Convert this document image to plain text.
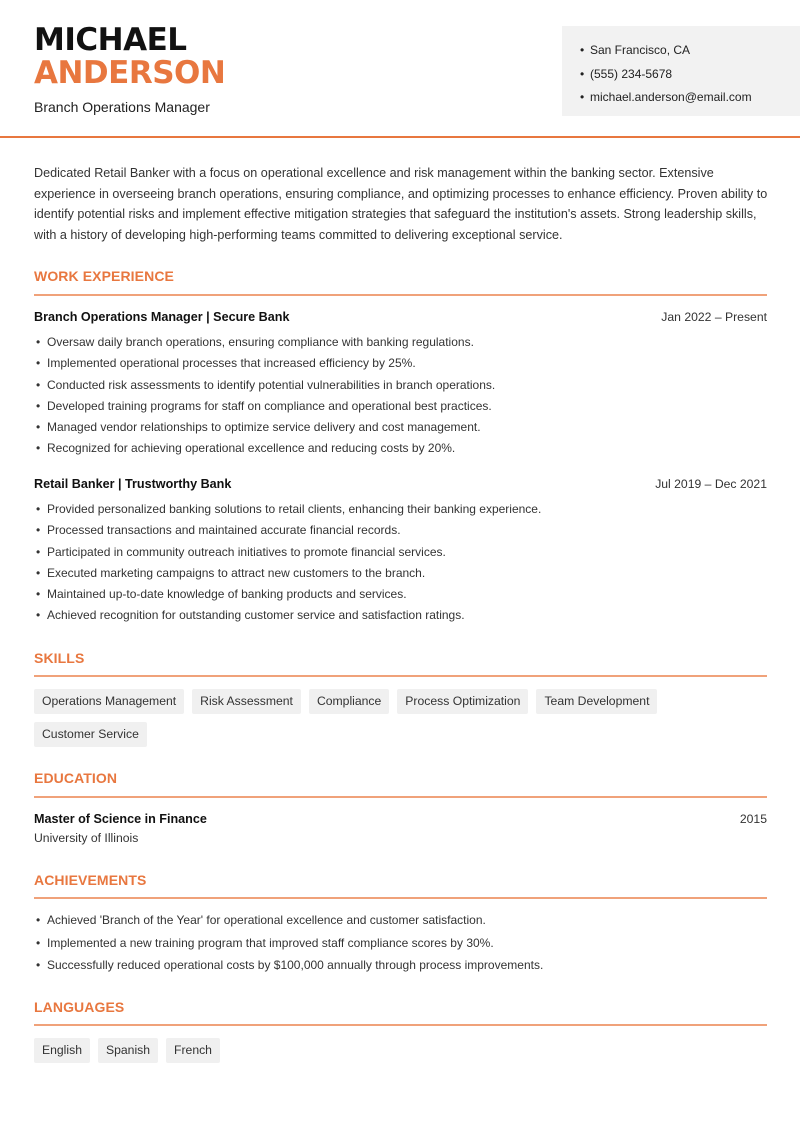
MICHAEL
ANDERSON
Branch Operations Manager
• San Francisco, CA
• (555) 234-5678
• michael.anderson@email.com
Dedicated Retail Banker with a focus on operational excellence and risk management within the banking sector. Extensive experience in overseeing branch operations, ensuring compliance, and optimizing processes to enhance efficiency. Proven ability to identify potential risks and implement effective mitigation strategies that safeguard the institution's assets. Strong leadership skills, with a history of developing high-performing teams committed to delivering exceptional service.
WORK EXPERIENCE
Branch Operations Manager | Secure Bank	Jan 2022 – Present
• Oversaw daily branch operations, ensuring compliance with banking regulations.
• Implemented operational processes that increased efficiency by 25%.
• Conducted risk assessments to identify potential vulnerabilities in branch operations.
• Developed training programs for staff on compliance and operational best practices.
• Managed vendor relationships to optimize service delivery and cost management.
• Recognized for achieving operational excellence and reducing costs by 20%.
Retail Banker | Trustworthy Bank	Jul 2019 – Dec 2021
• Provided personalized banking solutions to retail clients, enhancing their banking experience.
• Processed transactions and maintained accurate financial records.
• Participated in community outreach initiatives to promote financial services.
• Executed marketing campaigns to attract new customers to the branch.
• Maintained up-to-date knowledge of banking products and services.
• Achieved recognition for outstanding customer service and satisfaction ratings.
SKILLS
Operations Management	Risk Assessment	Compliance	Process Optimization	Team Development
Customer Service
EDUCATION
Master of Science in Finance	2015
University of Illinois
ACHIEVEMENTS
• Achieved 'Branch of the Year' for operational excellence and customer satisfaction.
• Implemented a new training program that improved staff compliance scores by 30%.
• Successfully reduced operational costs by $100,000 annually through process improvements.
LANGUAGES
English	Spanish	French
